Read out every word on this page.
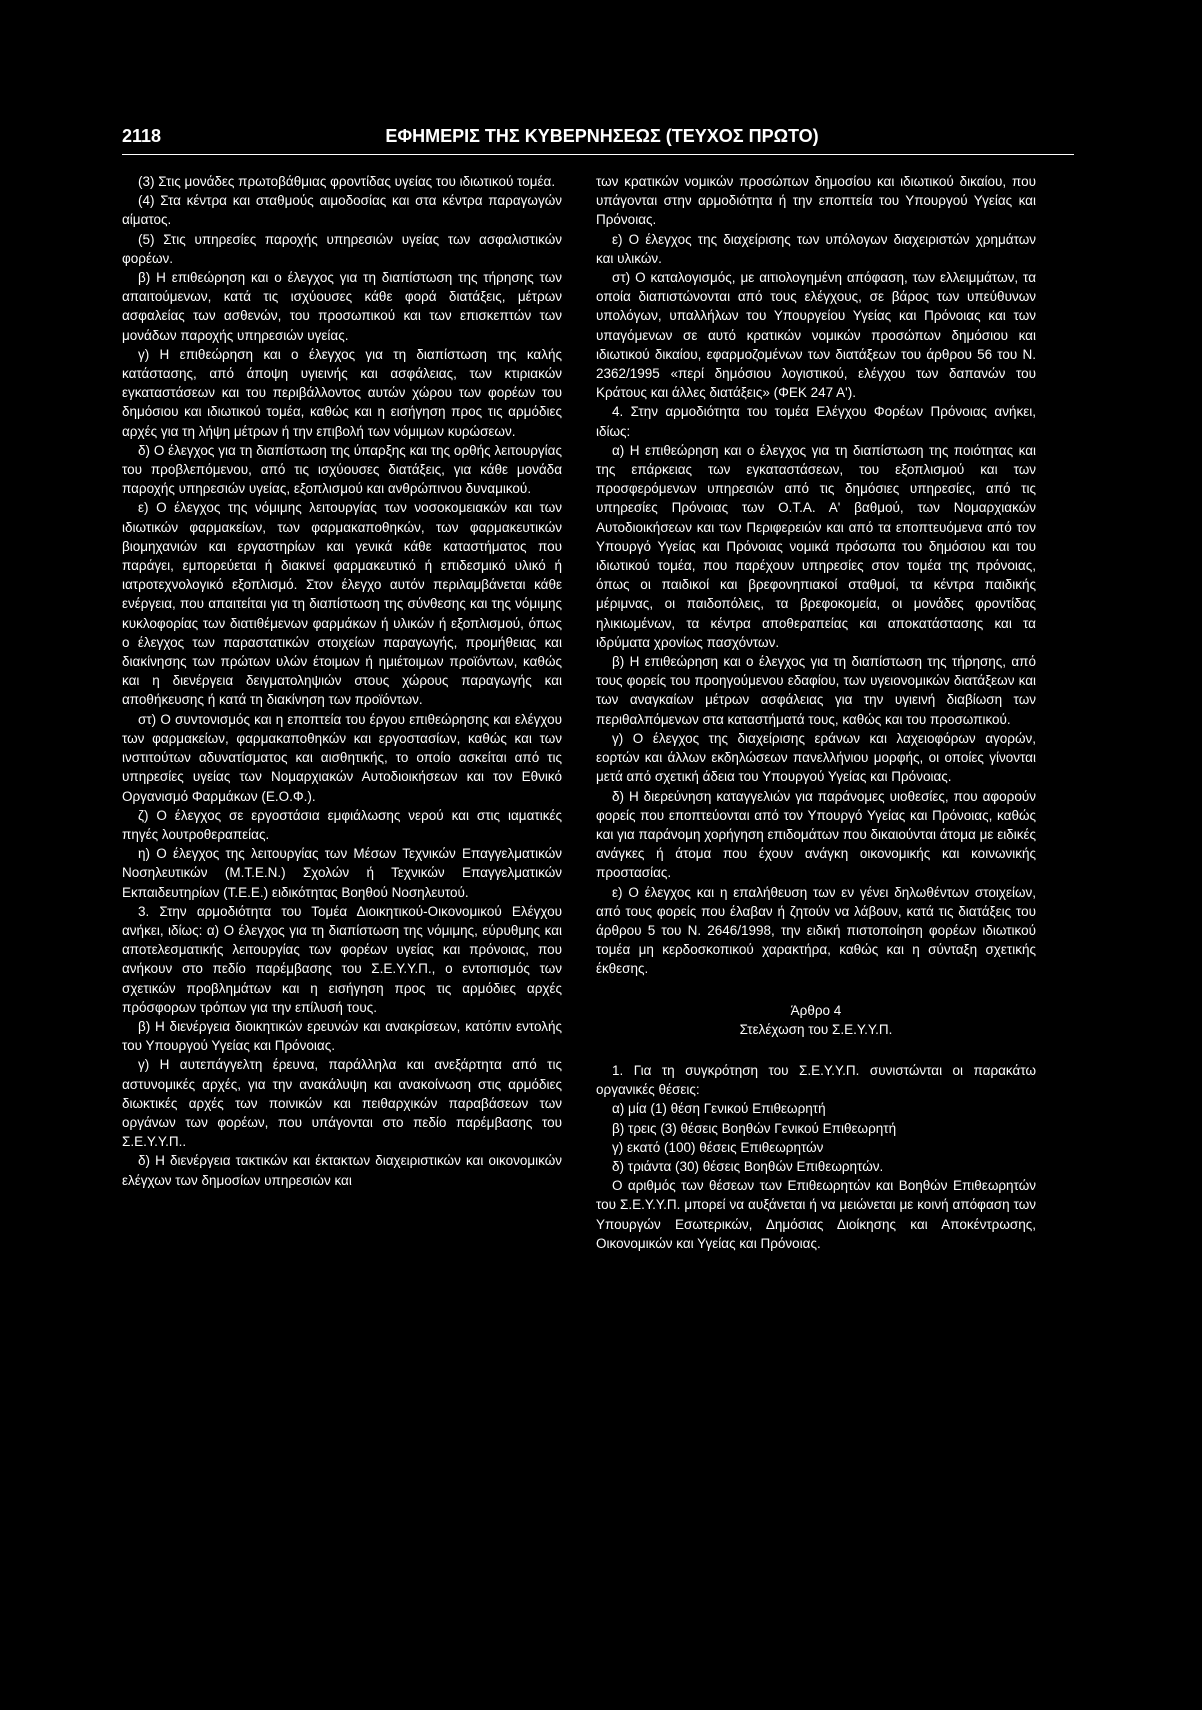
2118	ΕΦΗΜΕΡΙΣ ΤΗΣ ΚΥΒΕΡΝΗΣΕΩΣ (ΤΕΥΧΟΣ ΠΡΩΤΟ)

(3) Στις μονάδες πρωτοβάθμιας φροντίδας υγείας του ιδιωτικού τομέα.

(4) Στα κέντρα και σταθμούς αιμοδοσίας και στα κέντρα παραγωγών αίματος.

(5) Στις υπηρεσίες παροχής υπηρεσιών υγείας των ασφαλιστικών φορέων.

β) Η επιθεώρηση και ο έλεγχος για τη διαπίστωση της τήρησης των απαιτούμενων, κατά τις ισχύουσες κάθε φορά διατάξεις, μέτρων ασφαλείας των ασθενών, του προσωπικού και των επισκεπτών των μονάδων παροχής υπηρεσιών υγείας.

γ) Η επιθεώρηση και ο έλεγχος για τη διαπίστωση της καλής κατάστασης, από άποψη υγιεινής και ασφάλειας, των κτιριακών εγκαταστάσεων και του περιβάλλοντος αυτών χώρου των φορέων του δημόσιου και ιδιωτικού τομέα, καθώς και η εισήγηση προς τις αρμόδιες αρχές για τη λήψη μέτρων ή την επιβολή των νόμιμων κυρώσεων.

δ) Ο έλεγχος για τη διαπίστωση της ύπαρξης και της ορθής λειτουργίας του προβλεπόμενου, από τις ισχύουσες διατάξεις, για κάθε μονάδα παροχής υπηρεσιών υγείας, εξοπλισμού και ανθρώπινου δυναμικού.

ε) Ο έλεγχος της νόμιμης λειτουργίας των νοσοκομειακών και των ιδιωτικών φαρμακείων, των φαρμακαποθηκών, των φαρμακευτικών βιομηχανιών και εργαστηρίων και γενικά κάθε καταστήματος που παράγει, εμπορεύεται ή διακινεί φαρμακευτικό ή επιδεσμικό υλικό ή ιατροτεχνολογικό εξοπλισμό. Στον έλεγχο αυτόν περιλαμβάνεται κάθε ενέργεια, που απαιτείται για τη διαπίστωση της σύνθεσης και της νόμιμης κυκλοφορίας των διατιθέμενων φαρμάκων ή υλικών ή εξοπλισμού, όπως ο έλεγχος των παραστατικών στοιχείων παραγωγής, προμήθειας και διακίνησης των πρώτων υλών έτοιμων ή ημιέτοιμων προϊόντων, καθώς και η διενέργεια δειγματοληψιών στους χώρους παραγωγής και αποθήκευσης ή κατά τη διακίνηση των προϊόντων.

στ) Ο συντονισμός και η εποπτεία του έργου επιθεώρησης και ελέγχου των φαρμακείων, φαρμακαποθηκών και εργοστασίων, καθώς και των ινστιτούτων αδυνατίσματος και αισθητικής, το οποίο ασκείται από τις υπηρεσίες υγείας των Νομαρχιακών Αυτοδιοικήσεων και τον Εθνικό Οργανισμό Φαρμάκων (Ε.Ο.Φ.).

ζ) Ο έλεγχος σε εργοστάσια εμφιάλωσης νερού και στις ιαματικές πηγές λουτροθεραπείας.

η) Ο έλεγχος της λειτουργίας των Μέσων Τεχνικών Επαγγελματικών Νοσηλευτικών (Μ.Τ.Ε.Ν.) Σχολών ή Τεχνικών Επαγγελματικών Εκπαιδευτηρίων (Τ.Ε.Ε.) ειδικότητας Βοηθού Νοσηλευτού.

3. Στην αρμοδιότητα του Τομέα Διοικητικού-Οικονομικού Ελέγχου ανήκει, ιδίως: α) Ο έλεγχος για τη διαπίστωση της νόμιμης, εύρυθμης και αποτελεσματικής λειτουργίας των φορέων υγείας και πρόνοιας, που ανήκουν στο πεδίο παρέμβασης του Σ.Ε.Υ.Υ.Π., ο εντοπισμός των σχετικών προβλημάτων και η εισήγηση προς τις αρμόδιες αρχές πρόσφορων τρόπων για την επίλυσή τους.

β) Η διενέργεια διοικητικών ερευνών και ανακρίσεων, κατόπιν εντολής του Υπουργού Υγείας και Πρόνοιας.

γ) Η αυτεπάγγελτη έρευνα, παράλληλα και ανεξάρτητα από τις αστυνομικές αρχές, για την ανακάλυψη και ανακοίνωση στις αρμόδιες διωκτικές αρχές των ποινικών και πειθαρχικών παραβάσεων των οργάνων των φορέων, που υπάγονται στο πεδίο παρέμβασης του Σ.Ε.Υ.Υ.Π..

δ) Η διενέργεια τακτικών και έκτακτων διαχειριστικών και οικονομικών ελέγχων των δημοσίων υπηρεσιών και

των κρατικών νομικών προσώπων δημοσίου και ιδιωτικού δικαίου, που υπάγονται στην αρμοδιότητα ή την εποπτεία του Υπουργού Υγείας και Πρόνοιας.

ε) Ο έλεγχος της διαχείρισης των υπόλογων διαχειριστών χρημάτων και υλικών.

στ) Ο καταλογισμός, με αιτιολογημένη απόφαση, των ελλειμμάτων, τα οποία διαπιστώνονται από τους ελέγχους, σε βάρος των υπεύθυνων υπολόγων, υπαλλήλων του Υπουργείου Υγείας και Πρόνοιας και των υπαγόμενων σε αυτό κρατικών νομικών προσώπων δημόσιου και ιδιωτικού δικαίου, εφαρμοζομένων των διατάξεων του άρθρου 56 του Ν. 2362/1995 «περί δημόσιου λογιστικού, ελέγχου των δαπανών του Κράτους και άλλες διατάξεις» (ΦΕΚ 247 Α').

4. Στην αρμοδιότητα του τομέα Ελέγχου Φορέων Πρόνοιας ανήκει, ιδίως:

α) Η επιθεώρηση και ο έλεγχος για τη διαπίστωση της ποιότητας και της επάρκειας των εγκαταστάσεων, του εξοπλισμού και των προσφερόμενων υπηρεσιών από τις δημόσιες υπηρεσίες, από τις υπηρεσίες Πρόνοιας των Ο.Τ.Α. Α' βαθμού, των Νομαρχιακών Αυτοδιοικήσεων και των Περιφερειών και από τα εποπτευόμενα από τον Υπουργό Υγείας και Πρόνοιας νομικά πρόσωπα του δημόσιου και του ιδιωτικού τομέα, που παρέχουν υπηρεσίες στον τομέα της πρόνοιας, όπως οι παιδικοί και βρεφονηπιακοί σταθμοί, τα κέντρα παιδικής μέριμνας, οι παιδοπόλεις, τα βρεφοκομεία, οι μονάδες φροντίδας ηλικιωμένων, τα κέντρα αποθεραπείας και αποκατάστασης και τα ιδρύματα χρονίως πασχόντων.

β) Η επιθεώρηση και ο έλεγχος για τη διαπίστωση της τήρησης, από τους φορείς του προηγούμενου εδαφίου, των υγειονομικών διατάξεων και των αναγκαίων μέτρων ασφάλειας για την υγιεινή διαβίωση των περιθαλπόμενων στα καταστήματά τους, καθώς και του προσωπικού.

γ) Ο έλεγχος της διαχείρισης εράνων και λαχειοφόρων αγορών, εορτών και άλλων εκδηλώσεων πανελλήνιου μορφής, οι οποίες γίνονται μετά από σχετική άδεια του Υπουργού Υγείας και Πρόνοιας.

δ) Η διερεύνηση καταγγελιών για παράνομες υιοθεσίες, που αφορούν φορείς που εποπτεύονται από τον Υπουργό Υγείας και Πρόνοιας, καθώς και για παράνομη χορήγηση επιδομάτων που δικαιούνται άτομα με ειδικές ανάγκες ή άτομα που έχουν ανάγκη οικονομικής και κοινωνικής προστασίας.

ε) Ο έλεγχος και η επαλήθευση των εν γένει δηλωθέντων στοιχείων, από τους φορείς που έλαβαν ή ζητούν να λάβουν, κατά τις διατάξεις του άρθρου 5 του Ν. 2646/1998, την ειδική πιστοποίηση φορέων ιδιωτικού τομέα μη κερδοσκοπικού χαρακτήρα, καθώς και η σύνταξη σχετικής έκθεσης.

Άρθρο 4

Στελέχωση του Σ.Ε.Υ.Υ.Π.

1. Για τη συγκρότηση του Σ.Ε.Υ.Υ.Π. συνιστώνται οι παρακάτω οργανικές θέσεις:

α) μία (1) θέση Γενικού Επιθεωρητή

β) τρεις (3) θέσεις Βοηθών Γενικού Επιθεωρητή

γ) εκατό (100) θέσεις Επιθεωρητών

δ) τριάντα (30) θέσεις Βοηθών Επιθεωρητών.

Ο αριθμός των θέσεων των Επιθεωρητών και Βοηθών Επιθεωρητών του Σ.Ε.Υ.Υ.Π. μπορεί να αυξάνεται ή να μειώνεται με κοινή απόφαση των Υπουργών Εσωτερικών, Δημόσιας Διοίκησης και Αποκέντρωσης, Οικονομικών και Υγείας και Πρόνοιας.
